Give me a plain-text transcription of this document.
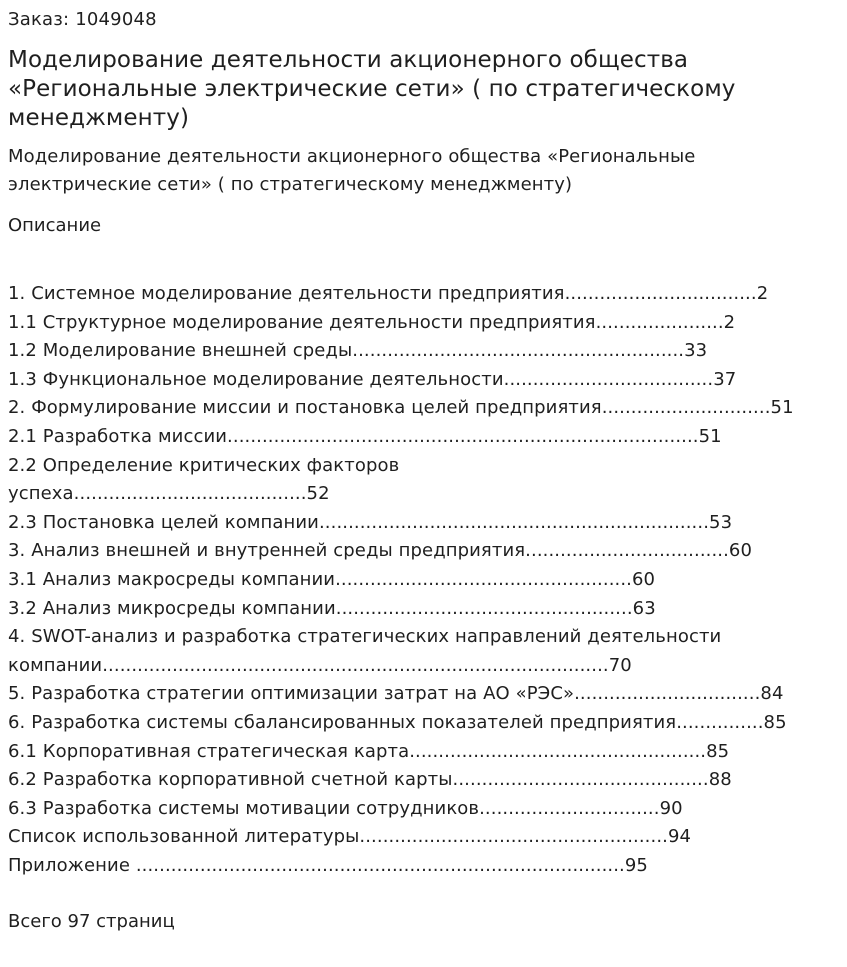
Заказ: 1049048

Моделирование деятельности акционерного общества «Региональные электрические сети» ( по стратегическому менеджменту)

Моделирование деятельности акционерного общества «Региональные электрические сети» ( по стратегическому менеджменту)

Описание

1. Системное моделирование деятельности предприятия.................................2
1.1 Структурное моделирование деятельности предприятия......................2
1.2 Моделирование внешней среды.........................................................33
1.3 Функциональное моделирование деятельности....................................37
2. Формулирование миссии и постановка целей предприятия.............................51
2.1 Разработка миссии.................................................................................51
2.2 Определение критических факторов
успеха........................................52
2.3 Постановка целей компании...................................................................53
3. Анализ внешней и внутренней среды предприятия...................................60
3.1 Анализ макросреды компании...................................................60
3.2 Анализ микросреды компании...................................................63
4. SWOT-анализ и разработка стратегических направлений деятельности
компании.......................................................................................70
5. Разработка стратегии оптимизации затрат на АО «РЭС»................................84
6. Разработка системы сбалансированных показателей предприятия...............85
6.1 Корпоративная стратегическая карта...................................................85
6.2 Разработка корпоративной счетной карты............................................88
6.3 Разработка системы мотивации сотрудников...............................90
Список использованной литературы.....................................................94
Приложение ....................................................................................95

Всего 97 страниц
